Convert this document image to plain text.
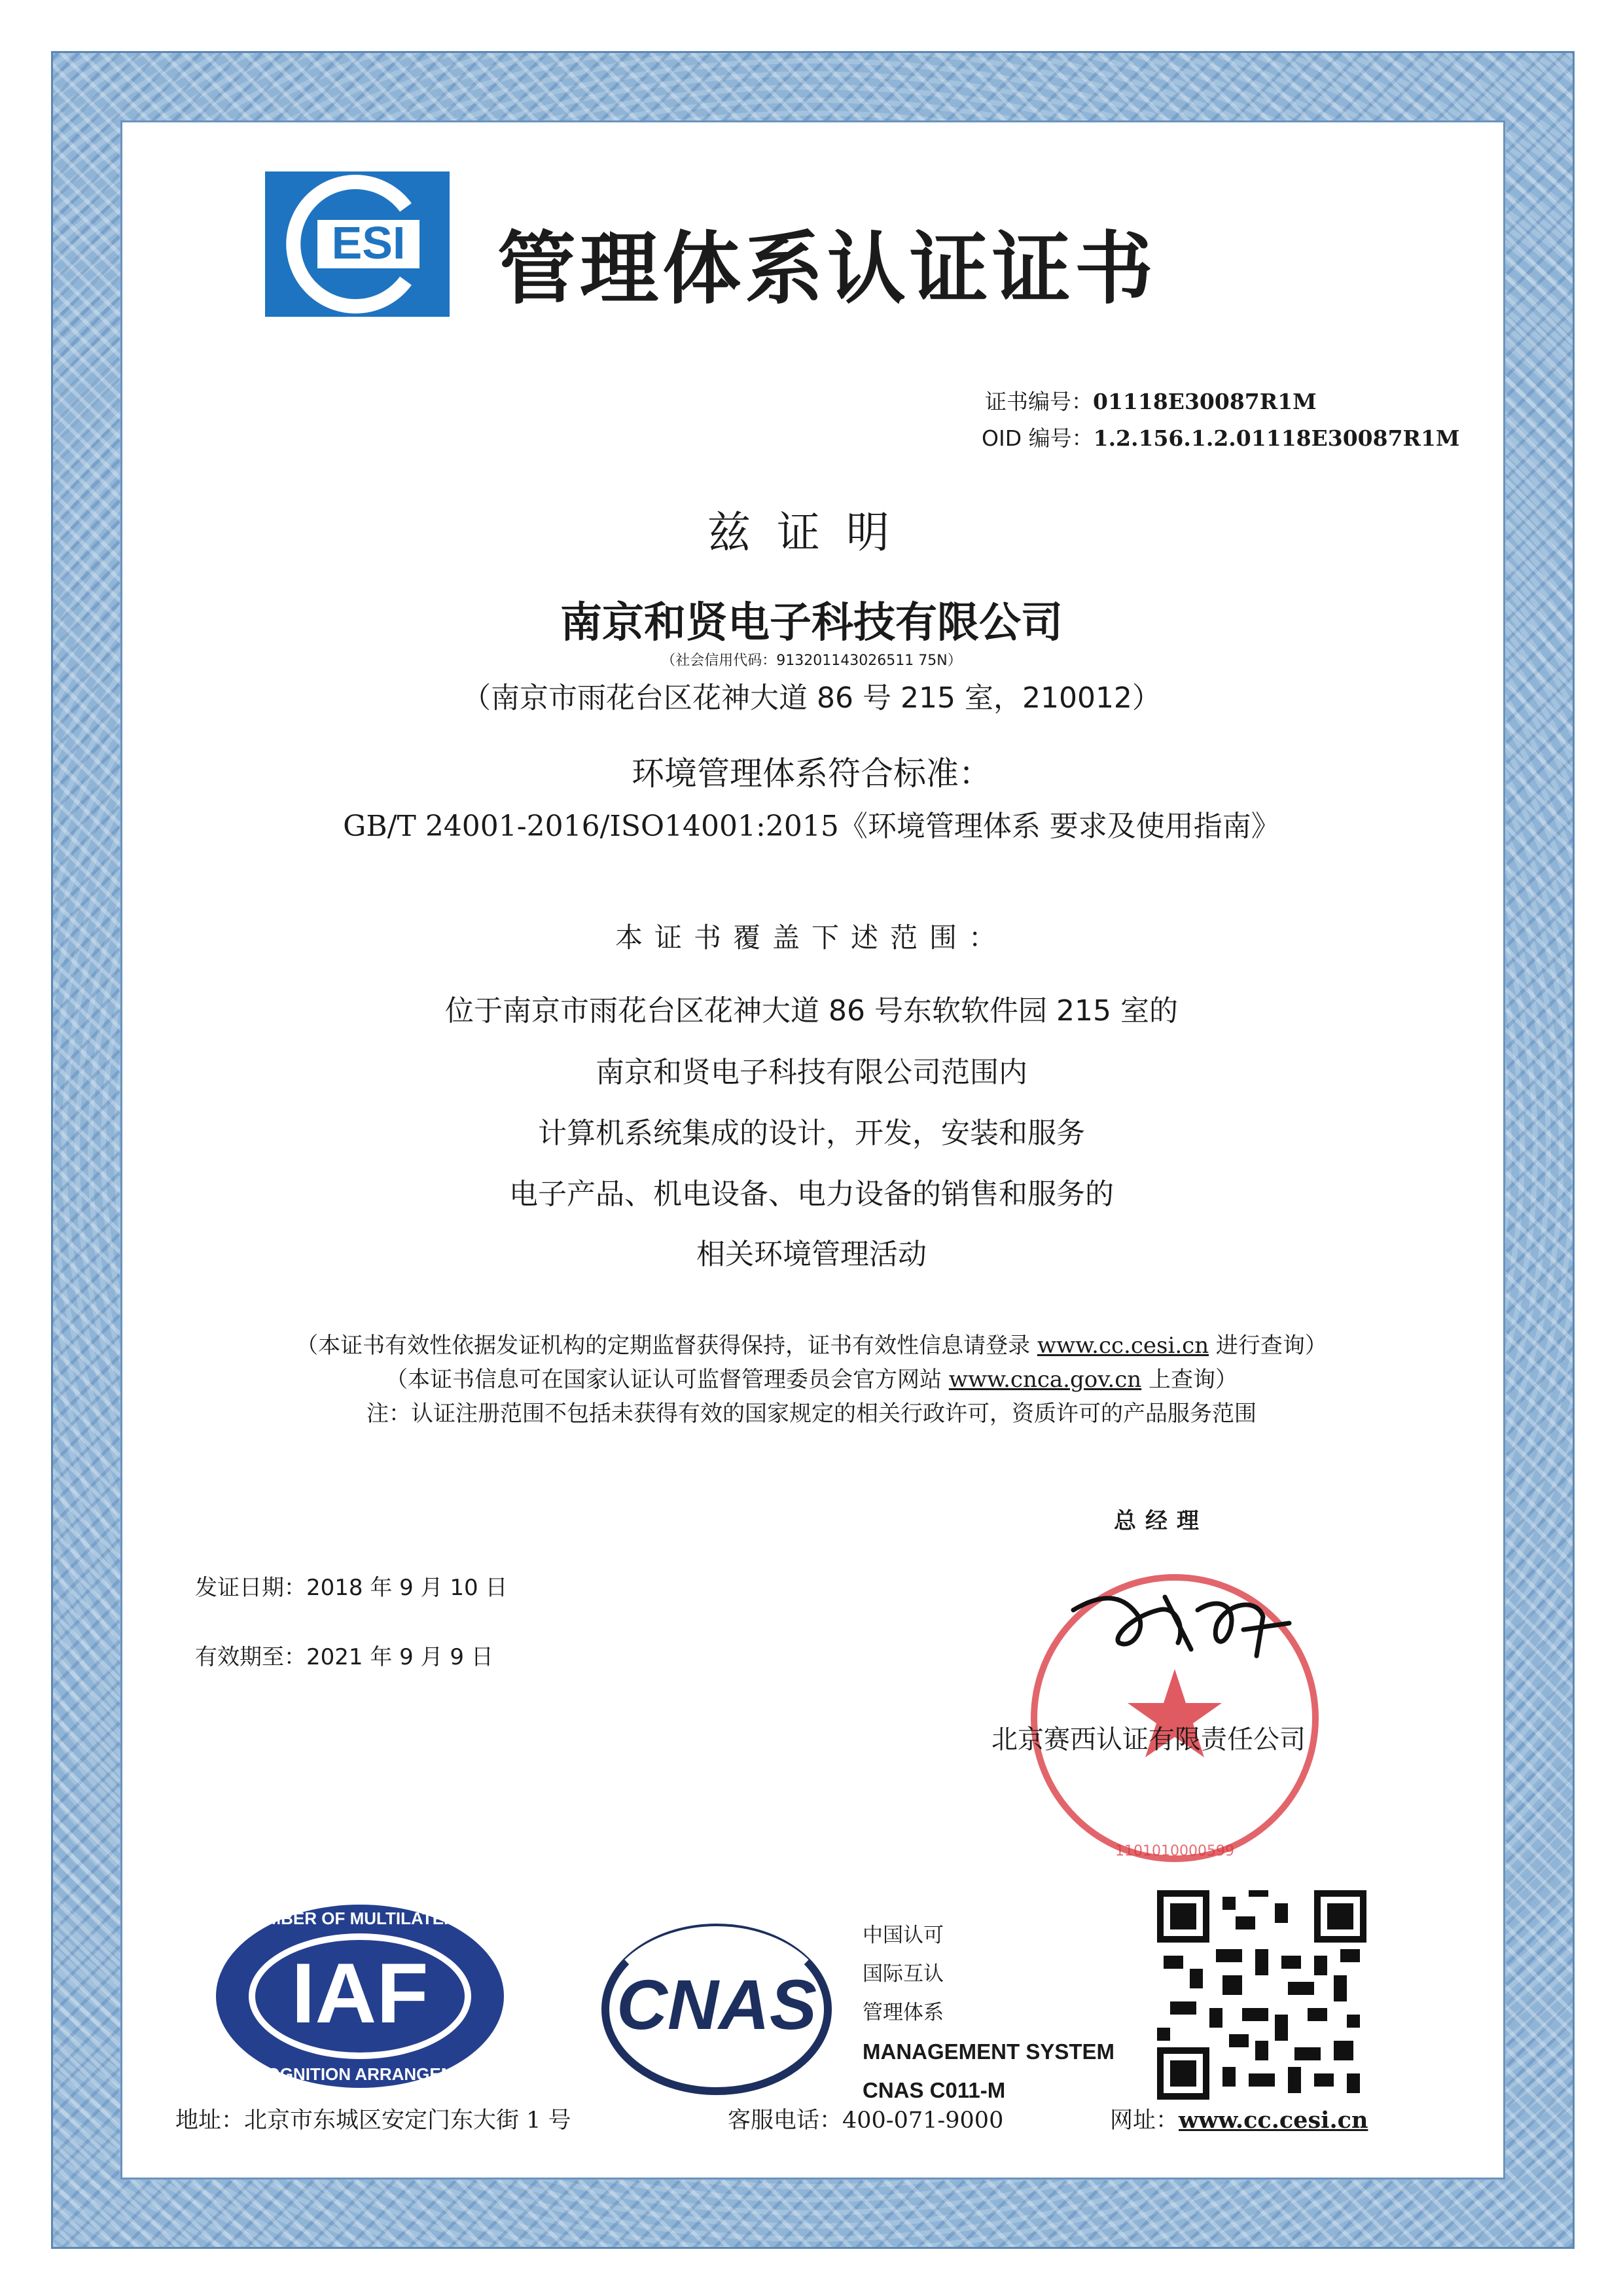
ESI 管理体系认证证书
证书编号：01118E30087R1M
OID 编号：1.2.156.1.2.01118E30087R1M
兹证明
南京和贤电子科技有限公司
（社会信用代码：913201143026511 75N）
（南京市雨花台区花神大道 86 号 215 室，210012）
环境管理体系符合标准：
GB/T 24001-2016/ISO14001:2015《环境管理体系 要求及使用指南》
本证书覆盖下述范围：
位于南京市雨花台区花神大道 86 号东软软件园 215 室的
南京和贤电子科技有限公司范围内
计算机系统集成的设计，开发，安装和服务
电子产品、机电设备、电力设备的销售和服务的
相关环境管理活动
（本证书有效性依据发证机构的定期监督获得保持，证书有效性信息请登录 www.cc.cesi.cn 进行查询）
（本证书信息可在国家认证认可监督管理委员会官方网站 www.cnca.gov.cn 上查询）
注：认证注册范围不包括未获得有效的国家规定的相关行政许可，资质许可的产品服务范围
总经理
发证日期：2018 年 9 月 10 日
有效期至：2021 年 9 月 9 日
1101010000599
北京赛西认证有限责任公司
IAF
MEMBER OF MULTILATERAL
RECOGNITION ARRANGEMENT
CNAS
中国认可
国际互认
管理体系
MANAGEMENT SYSTEM
CNAS C011-M
地址：北京市东城区安定门东大街 1 号	客服电话：400-071-9000	网址：www.cc.cesi.cn
